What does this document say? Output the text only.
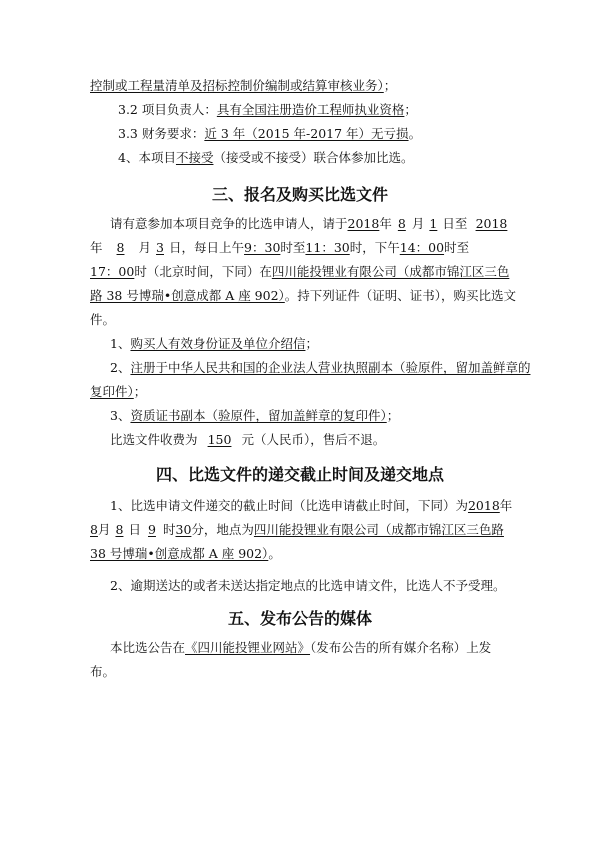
控制或工程量清单及招标控制价编制或结算审核业务）；
3.2 项目负责人：具有全国注册造价工程师执业资格；
3.3 财务要求：近 3 年（2015 年-2017 年）无亏损。
4、本项目不接受（接受或不接受）联合体参加比选。
三、报名及购买比选文件
请有意参加本项目竞争的比选申请人，请于2018年 8 月 1 日至 2018
年 8 月 3 日，每日上午9：30时至11：30时，下午14：00时至
17：00时（北京时间，下同）在四川能投锂业有限公司（成都市锦江区三色
路 38 号博瑞•创意成都 A 座 902）。持下列证件（证明、证书），购买比选文
件。
1、购买人有效身份证及单位介绍信；
2、注册于中华人民共和国的企业法人营业执照副本（验原件，留加盖鲜章的
复印件）；
3、资质证书副本（验原件，留加盖鲜章的复印件）；
比选文件收费为 150 元（人民币），售后不退。
四、比选文件的递交截止时间及递交地点
1、比选申请文件递交的截止时间（比选申请截止时间，下同）为2018年
8月 8 日 9 时30分，地点为四川能投锂业有限公司（成都市锦江区三色路
38 号博瑞•创意成都 A 座 902）。
2、逾期送达的或者未送达指定地点的比选申请文件，比选人不予受理。
五、发布公告的媒体
本比选公告在《四川能投锂业网站》（发布公告的所有媒介名称）上发
布。
